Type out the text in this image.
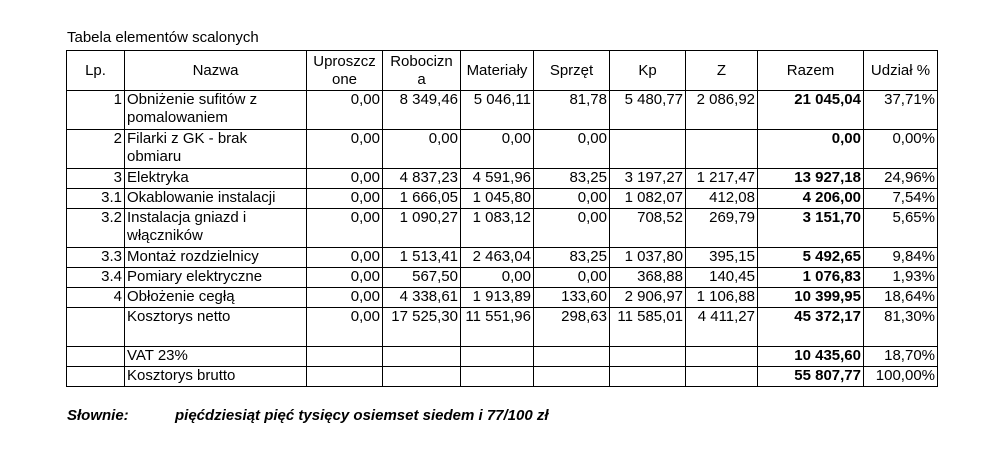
Tabela elementów scalonych
Lp.	Nazwa	Uproszcz one	Robocizn a	Materiały	Sprzęt	Kp	Z	Razem	Udział %
1	Obniżenie sufitów z pomalowaniem	0,00	8 349,46	5 046,11	81,78	5 480,77	2 086,92	21 045,04	37,71%
2	Filarki z GK - brak obmiaru	0,00	0,00	0,00	0,00			0,00	0,00%
3	Elektryka	0,00	4 837,23	4 591,96	83,25	3 197,27	1 217,47	13 927,18	24,96%
3.1	Okablowanie instalacji	0,00	1 666,05	1 045,80	0,00	1 082,07	412,08	4 206,00	7,54%
3.2	Instalacja gniazd i włączników	0,00	1 090,27	1 083,12	0,00	708,52	269,79	3 151,70	5,65%
3.3	Montaż rozdzielnicy	0,00	1 513,41	2 463,04	83,25	1 037,80	395,15	5 492,65	9,84%
3.4	Pomiary elektryczne	0,00	567,50	0,00	0,00	368,88	140,45	1 076,83	1,93%
4	Obłożenie cegłą	0,00	4 338,61	1 913,89	133,60	2 906,97	1 106,88	10 399,95	18,64%
	Kosztorys netto	0,00	17 525,30	11 551,96	298,63	11 585,01	4 411,27	45 372,17	81,30%
	VAT 23%							10 435,60	18,70%
	Kosztorys brutto							55 807,77	100,00%
Słownie:	pięćdziesiąt pięć tysięcy osiemset siedem i 77/100 zł
